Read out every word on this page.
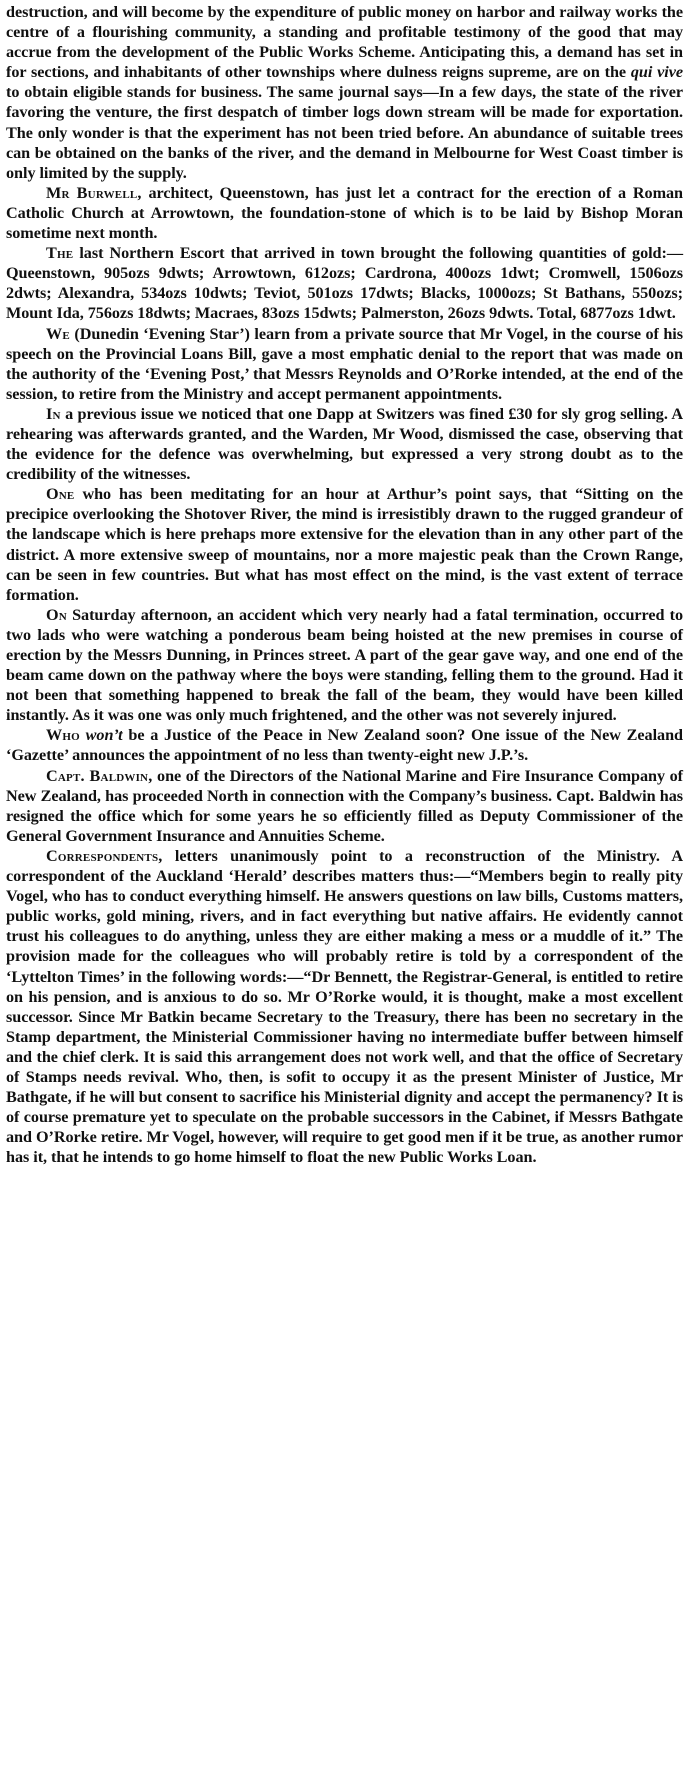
destruction, and will become by the expenditure of public money on harbor and railway works the centre of a flourishing community, a standing and profitable testimony of the good that may accrue from the development of the Public Works Scheme. Anticipating this, a demand has set in for sections, and inhabitants of other townships where dulness reigns supreme, are on the qui vive to obtain eligible stands for business. The same journal says—In a few days, the state of the river favoring the venture, the first despatch of timber logs down stream will be made for exportation. The only wonder is that the experiment has not been tried before. An abundance of suitable trees can be obtained on the banks of the river, and the demand in Melbourne for West Coast timber is only limited by the supply.

Mr Burwell, architect, Queenstown, has just let a contract for the erection of a Roman Catholic Church at Arrowtown, the foundation-stone of which is to be laid by Bishop Moran sometime next month.

The last Northern Escort that arrived in town brought the following quantities of gold:—Queenstown, 905ozs 9dwts; Arrowtown, 612ozs; Cardrona, 400ozs 1dwt; Cromwell, 1506ozs 2dwts; Alexandra, 534ozs 10dwts; Teviot, 501ozs 17dwts; Blacks, 1000ozs; St Bathans, 550ozs; Mount Ida, 756ozs 18dwts; Macraes, 83ozs 15dwts; Palmerston, 26ozs 9dwts. Total, 6877ozs 1dwt.

We (Dunedin ‘Evening Star’) learn from a private source that Mr Vogel, in the course of his speech on the Provincial Loans Bill, gave a most emphatic denial to the report that was made on the authority of the ‘Evening Post,’ that Messrs Reynolds and O’Rorke intended, at the end of the session, to retire from the Ministry and accept permanent appointments.

In a previous issue we noticed that one Dapp at Switzers was fined £30 for sly grog selling. A rehearing was afterwards granted, and the Warden, Mr Wood, dismissed the case, observing that the evidence for the defence was overwhelming, but expressed a very strong doubt as to the credibility of the witnesses.

One who has been meditating for an hour at Arthur’s point says, that “Sitting on the precipice overlooking the Shotover River, the mind is irresistibly drawn to the rugged grandeur of the landscape which is here prehaps more extensive for the elevation than in any other part of the district. A more extensive sweep of mountains, nor a more majestic peak than the Crown Range, can be seen in few countries. But what has most effect on the mind, is the vast extent of terrace formation.

On Saturday afternoon, an accident which very nearly had a fatal termination, occurred to two lads who were watching a ponderous beam being hoisted at the new premises in course of erection by the Messrs Dunning, in Princes street. A part of the gear gave way, and one end of the beam came down on the pathway where the boys were standing, felling them to the ground. Had it not been that something happened to break the fall of the beam, they would have been killed instantly. As it was one was only much frightened, and the other was not severely injured.

Who won’t be a Justice of the Peace in New Zealand soon? One issue of the New Zealand ‘Gazette’ announces the appointment of no less than twenty-eight new J.P.’s.

Capt. Baldwin, one of the Directors of the National Marine and Fire Insurance Company of New Zealand, has proceeded North in connection with the Company’s business. Capt. Baldwin has resigned the office which for some years he so efficiently filled as Deputy Commissioner of the General Government Insurance and Annuities Scheme.

Correspondents, letters unanimously point to a reconstruction of the Ministry. A correspondent of the Auckland ‘Herald’ describes matters thus:—“Members begin to really pity Vogel, who has to conduct everything himself. He answers questions on law bills, Customs matters, public works, gold mining, rivers, and in fact everything but native affairs. He evidently cannot trust his colleagues to do anything, unless they are either making a mess or a muddle of it.” The provision made for the colleagues who will probably retire is told by a correspondent of the ‘Lyttelton Times’ in the following words:—“Dr Bennett, the Registrar-General, is entitled to retire on his pension, and is anxious to do so. Mr O’Rorke would, it is thought, make a most excellent successor. Since Mr Batkin became Secretary to the Treasury, there has been no secretary in the Stamp department, the Ministerial Commissioner having no intermediate buffer between himself and the chief clerk. It is said this arrangement does not work well, and that the office of Secretary of Stamps needs revival. Who, then, is sofit to occupy it as the present Minister of Justice, Mr Bathgate, if he will but consent to sacrifice his Ministerial dignity and accept the permanency? It is of course premature yet to speculate on the probable successors in the Cabinet, if Messrs Bathgate and O’Rorke retire. Mr Vogel, however, will require to get good men if it be true, as another rumor has it, that he intends to go home himself to float the new Public Works Loan.
